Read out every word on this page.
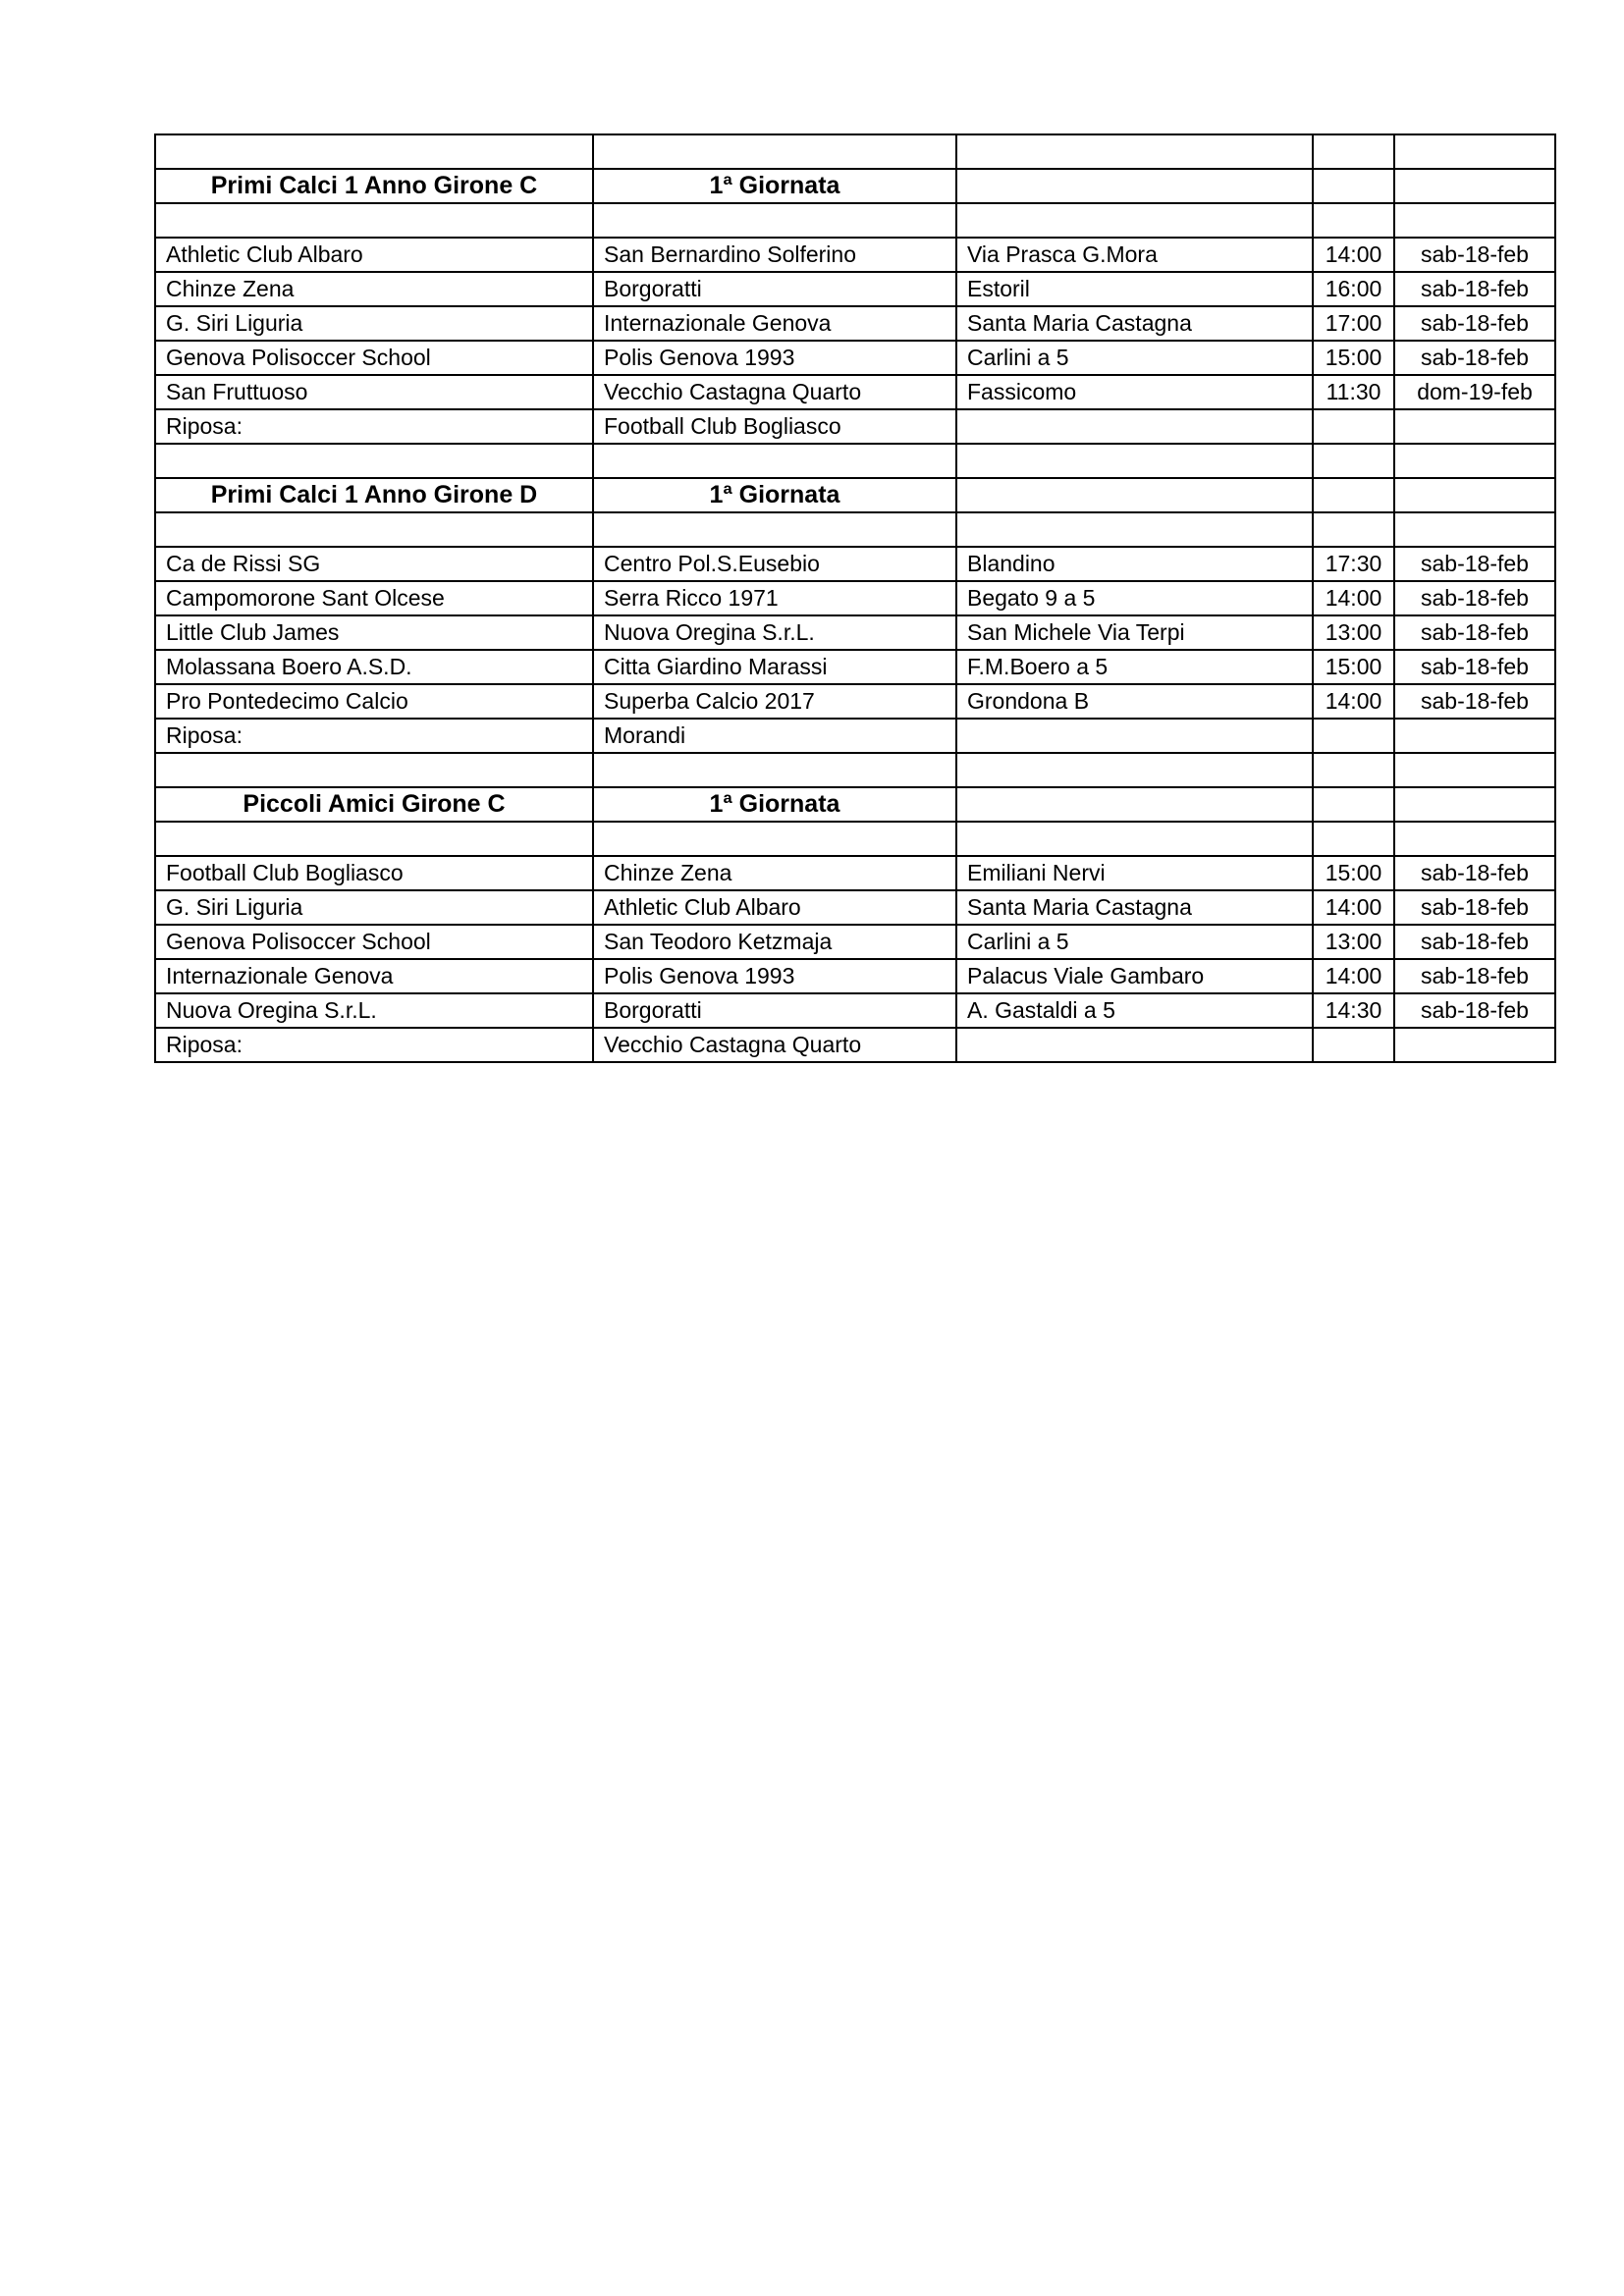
Primi Calci 1 Anno Girone C	1ª Giornata			

Athletic Club Albaro	San Bernardino Solferino	Via Prasca G.Mora	14:00	sab-18-feb
Chinze Zena	Borgoratti	Estoril	16:00	sab-18-feb
G. Siri Liguria	Internazionale Genova	Santa Maria Castagna	17:00	sab-18-feb
Genova Polisoccer School	Polis Genova 1993	Carlini a 5	15:00	sab-18-feb
San Fruttuoso	Vecchio Castagna Quarto	Fassicomo	11:30	dom-19-feb
Riposa:	Football Club Bogliasco			

Primi Calci 1 Anno Girone D	1ª Giornata			

Ca de Rissi SG	Centro Pol.S.Eusebio	Blandino	17:30	sab-18-feb
Campomorone Sant Olcese	Serra Ricco 1971	Begato 9 a 5	14:00	sab-18-feb
Little Club James	Nuova Oregina S.r.L.	San Michele Via Terpi	13:00	sab-18-feb
Molassana Boero A.S.D.	Citta Giardino Marassi	F.M.Boero a 5	15:00	sab-18-feb
Pro Pontedecimo Calcio	Superba Calcio 2017	Grondona B	14:00	sab-18-feb
Riposa:	Morandi			

Piccoli Amici Girone C	1ª Giornata			

Football Club Bogliasco	Chinze Zena	Emiliani Nervi	15:00	sab-18-feb
G. Siri Liguria	Athletic Club Albaro	Santa Maria Castagna	14:00	sab-18-feb
Genova Polisoccer School	San Teodoro Ketzmaja	Carlini a 5	13:00	sab-18-feb
Internazionale Genova	Polis Genova 1993	Palacus Viale Gambaro	14:00	sab-18-feb
Nuova Oregina S.r.L.	Borgoratti	A. Gastaldi a 5	14:30	sab-18-feb
Riposa:	Vecchio Castagna Quarto			
